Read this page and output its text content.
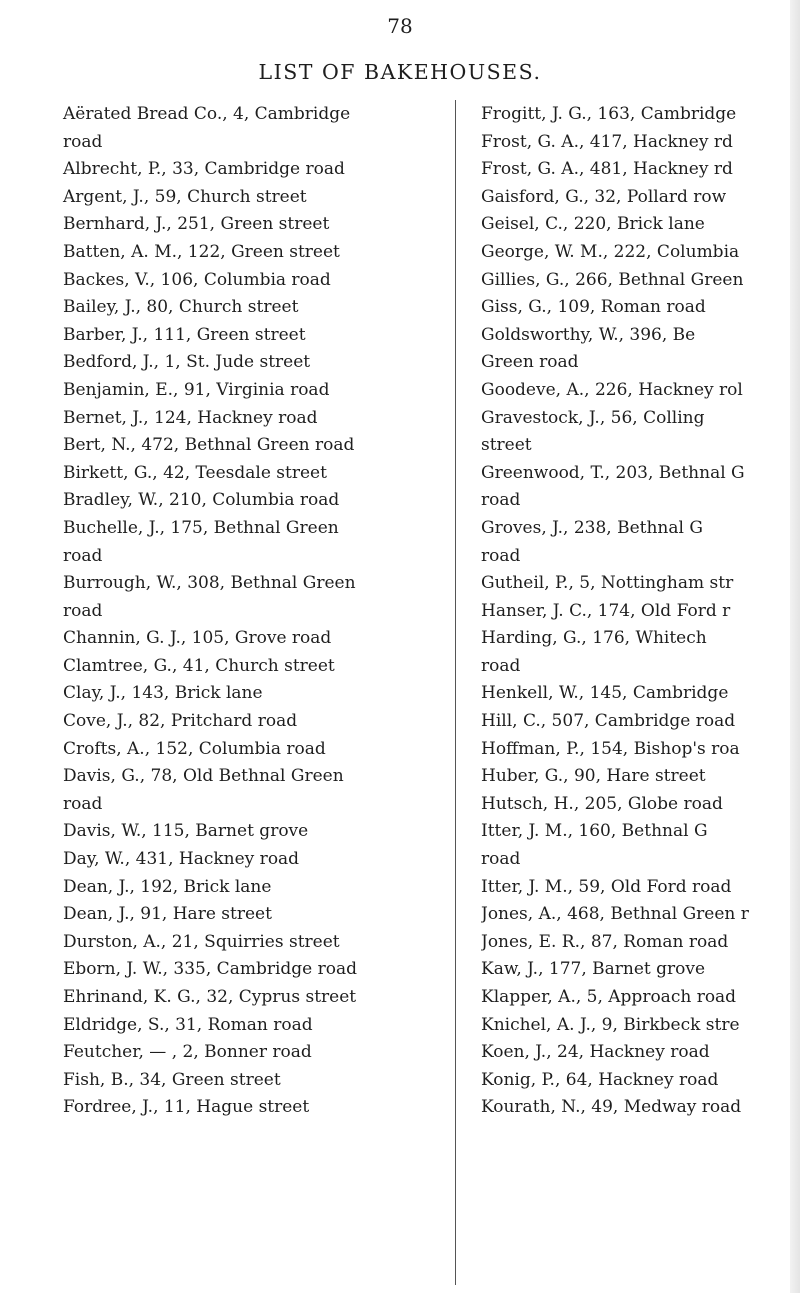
78
LIST OF BAKEHOUSES.
Aërated Bread Co., 4, Cambridge
road
Albrecht, P., 33, Cambridge road
Argent, J., 59, Church street
Bernhard, J., 251, Green street
Batten, A. M., 122, Green street
Backes, V., 106, Columbia road
Bailey, J., 80, Church street
Barber, J., 111, Green street
Bedford, J., 1, St. Jude street
Benjamin, E., 91, Virginia road
Bernet, J., 124, Hackney road
Bert, N., 472, Bethnal Green road
Birkett, G., 42, Teesdale street
Bradley, W., 210, Columbia road
Buchelle, J., 175, Bethnal Green
road
Burrough, W., 308, Bethnal Green
road
Channin, G. J., 105, Grove road
Clamtree, G., 41, Church street
Clay, J., 143, Brick lane
Cove, J., 82, Pritchard road
Crofts, A., 152, Columbia road
Davis, G., 78, Old Bethnal Green
road
Davis, W., 115, Barnet grove
Day, W., 431, Hackney road
Dean, J., 192, Brick lane
Dean, J., 91, Hare street
Durston, A., 21, Squirries street
Eborn, J. W., 335, Cambridge road
Ehrinand, K. G., 32, Cyprus street
Eldridge, S., 31, Roman road
Feutcher, — , 2, Bonner road
Fish, B., 34, Green street
Fordree, J., 11, Hague street
Frogitt, J. G., 163, Cambridge
Frost, G. A., 417, Hackney rd
Frost, G. A., 481, Hackney rd
Gaisford, G., 32, Pollard row
Geisel, C., 220, Brick lane
George, W. M., 222, Columbia
Gillies, G., 266, Bethnal Green
Giss, G., 109, Roman road
Goldsworthy, W., 396, Be
Green road
Goodeve, A., 226, Hackney rol
Gravestock, J., 56, Colling
street
Greenwood, T., 203, Bethnal G
road
Groves, J., 238, Bethnal G
road
Gutheil, P., 5, Nottingham str
Hanser, J. C., 174, Old Ford r
Harding, G., 176, Whitech
road
Henkell, W., 145, Cambridge
Hill, C., 507, Cambridge road
Hoffman, P., 154, Bishop's roa
Huber, G., 90, Hare street
Hutsch, H., 205, Globe road
Itter, J. M., 160, Bethnal G
road
Itter, J. M., 59, Old Ford road
Jones, A., 468, Bethnal Green r
Jones, E. R., 87, Roman road
Kaw, J., 177, Barnet grove
Klapper, A., 5, Approach road
Knichel, A. J., 9, Birkbeck stre
Koen, J., 24, Hackney road
Konig, P., 64, Hackney road
Kourath, N., 49, Medway road
